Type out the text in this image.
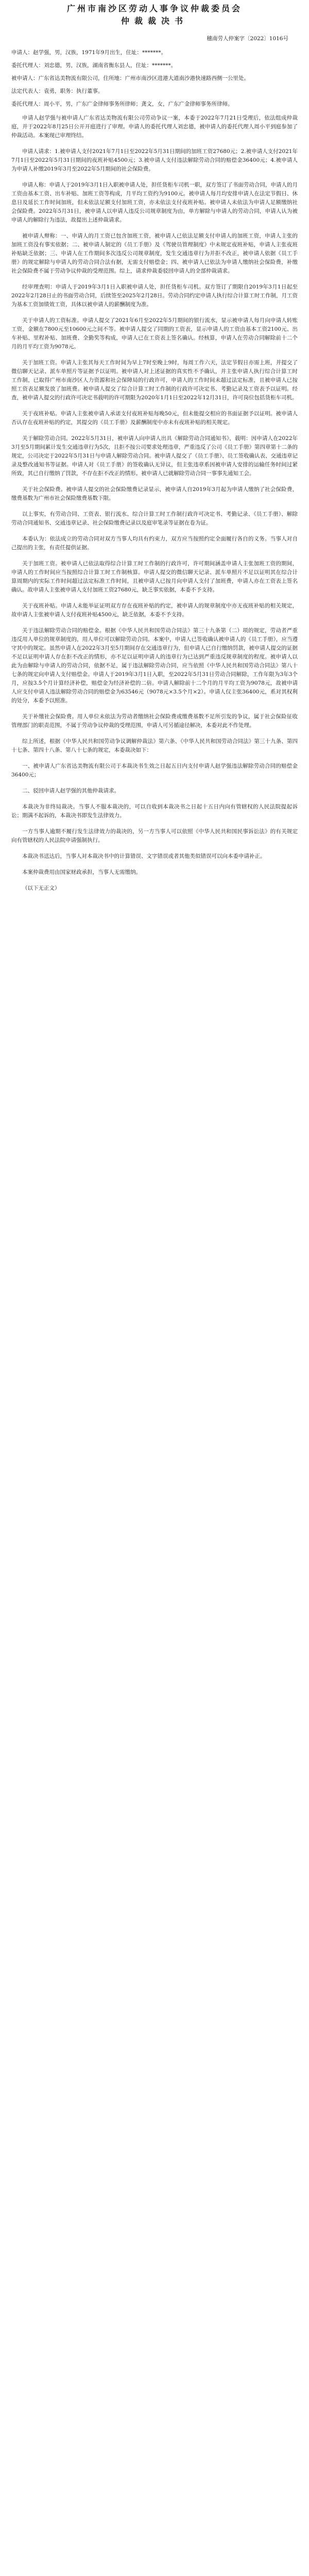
广州市南沙区劳动人事争议仲裁委员会
仲裁裁决书
穗南劳人仲案字〔2022〕1016号

申请人：赵学强，男，汉族，1971年9月出生，住址：*******。

委托代理人：刘忠德，男，汉族，湖南省衡东县人，住址：*******。

被申请人：广东省达美物流有限公司，住所地：广州市南沙区进港大道南沙港快速路西侧一公里处。

法定代表人：袁勇，职务：执行董事。

委托代理人：周小平，男，广东广金律师事务所律师；龚文，女，广东广金律师事务所律师。

申请人赵学强与被申请人广东省达美物流有限公司劳动争议一案，本委于2022年7月21日受理后，依法组成仲裁庭，并于2022年8月25日公开开庭进行了审理。申请人的委托代理人刘忠德，被申请人的委托代理人周小平到庭参加了仲裁活动。本案现已审理终结。

申请人请求：1.被申请人支付2021年7月1日至2022年5月31日期间的加班工资27680元；2.被申请人支付2021年7月1日至2022年5月31日期间的夜班补贴4500元；3.被申请人支付违法解除劳动合同的赔偿金36400元；4.被申请人为申请人补缴2019年3月至2022年5月期间的社会保险费。

申请人称：申请人于2019年3月1日入职被申请人处，担任货柜车司机一职，双方签订了书面劳动合同，申请人的月工资由基本工资、出车补贴、加班工资等构成，月平均工资约为9100元。被申请人每月均安排申请人在法定节假日、休息日及延长工作时间加班，但未依法足额支付加班工资，亦未依法支付夜班补贴。被申请人未依法为申请人足额缴纳社会保险费。2022年5月31日，被申请人以申请人违反公司规章制度为由，单方解除与申请人的劳动合同，申请人认为被申请人的解除行为违法，故提出上述仲裁请求。

被申请人辩称：一、申请人的月工资已包含加班工资，被申请人已依法足额支付申请人的加班工资，申请人主张的加班工资没有事实依据；二、被申请人制定的《员工手册》及《驾驶员管理制度》中未规定夜班补贴，申请人主张夜班补贴缺乏依据；三、申请人在工作期间多次违反公司规章制度，发生交通违章行为并拒不改正，被申请人依据《员工手册》的规定解除与申请人的劳动合同合法有据，无需支付赔偿金；四、被申请人已依法为申请人缴纳社会保险费，补缴社会保险费不属于劳动争议仲裁的受理范围。综上，请求仲裁委驳回申请人的全部仲裁请求。

经审理查明：申请人于2019年3月1日入职被申请人处，担任货柜车司机。双方签订了期限自2019年3月1日起至2022年2月28日止的书面劳动合同，后续签至2025年2月28日。劳动合同约定申请人执行综合计算工时工作制，月工资为基本工资加绩效工资，具体以被申请人的薪酬制度为准。

关于申请人的工资标准。申请人提交了2021年6月至2022年5月期间的银行流水，显示被申请人每月向申请人转账工资，金额在7800元至10600元之间不等。被申请人提交了同期的工资表，显示申请人的工资由基本工资2100元、出车补贴、里程补贴、加班费、全勤奖等构成，申请人已在工资表上签名确认。经核算，申请人在劳动合同解除前十二个月的月平均工资为9078元。

关于加班工资。申请人主张其每天工作时间为早上7时至晚上9时，每周工作六天，法定节假日亦需上班，并提交了微信聊天记录、派车单照片等证据予以证明。被申请人对上述证据的真实性不予确认，并主张申请人执行综合计算工时工作制，已取得广州市南沙区人力资源和社会保障局的行政许可，申请人的工作时间未超过法定标准，且被申请人已按照工资表足额发放了加班费。被申请人提交了综合计算工时工作制的行政许可决定书、考勤记录及工资表予以证明。经查，被申请人提交的行政许可决定书载明的许可期限为2020年1月1日至2022年12月31日，许可岗位包括货柜车司机。

关于夜班补贴。申请人主张被申请人承诺支付夜班补贴每晚50元，但未能提交相应的书面证据予以证明。被申请人否认存在夜班补贴的约定，其提交的《员工手册》及薪酬制度中亦未有夜班补贴的相关规定。

关于解除劳动合同。2022年5月31日，被申请人向申请人出具《解除劳动合同通知书》，载明：因申请人在2022年3月至5月期间累计发生交通违章行为5次，且拒不按公司要求处理违章，严重违反了公司《员工手册》第四章第十二条的规定，公司决定于2022年5月31日与申请人解除劳动合同。被申请人提交了《员工手册》、员工签收确认表、交通违章记录及整改通知书等证据。申请人对《员工手册》的签收确认无异议，但主张违章系因被申请人安排的运输任务时间过紧所致，其已自行缴纳了罚款，不存在拒不改正的情形。被申请人已就解除劳动合同一事事先通知工会。

关于社会保险费。被申请人提交的社会保险缴费记录显示，被申请人自2019年3月起为申请人缴纳了社会保险费，缴费基数为广州市社会保险缴费基数下限。

以上事实，有劳动合同、工资表、银行流水、综合计算工时工作制行政许可决定书、考勤记录、《员工手册》、解除劳动合同通知书、交通违章记录、社会保险缴费记录以及庭审笔录等证据在卷为证。

本委认为：依法成立的劳动合同对双方当事人均具有约束力，双方应当按照约定全面履行各自的义务。当事人对自己提出的主张，有责任提供证据。

关于加班工资。被申请人已依法取得综合计算工时工作制的行政许可，许可期间涵盖申请人主张加班工资的期间，申请人的工作时间应当按照综合计算工时工作制核算。申请人提交的微信聊天记录、派车单照片不足以证明其在综合计算周期内的实际工作时间超过法定标准工作时间，且被申请人已按月向申请人支付了加班费，申请人亦在工资表上签名确认。故申请人主张被申请人支付加班工资27680元，缺乏事实依据，本委不予支持。

关于夜班补贴。申请人未能举证证明双方存在夜班补贴的约定，被申请人的规章制度中亦无夜班补贴的相关规定，故申请人主张被申请人支付夜班补贴4500元，缺乏依据，本委不予支持。

关于违法解除劳动合同的赔偿金。根据《中华人民共和国劳动合同法》第三十九条第（二）项的规定，劳动者严重违反用人单位的规章制度的，用人单位可以解除劳动合同。本案中，申请人已签收确认被申请人的《员工手册》，应当遵守其中的规定。虽然申请人在2022年3月至5月期间存在交通违章行为，但申请人已自行缴纳罚款，被申请人提交的证据不足以证明申请人存在拒不改正的情形，亦不足以证明申请人的违章行为已达到严重违反规章制度的程度。被申请人以此为由解除与申请人的劳动合同，依据不足，属于违法解除劳动合同，应当依照《中华人民共和国劳动合同法》第八十七条的规定向申请人支付赔偿金。申请人于2019年3月1日入职，至2022年5月31日劳动合同解除，工作年限为3年3个月，应按3.5个月计算经济补偿，赔偿金为经济补偿的二倍。申请人解除前十二个月的月平均工资为9078元，故被申请人应支付申请人违法解除劳动合同的赔偿金为63546元（9078元×3.5个月×2）。申请人仅主张36400元，系对其权利的处分，本委予以照准。

关于补缴社会保险费。用人单位未依法为劳动者缴纳社会保险费或缴费基数不足所引发的争议，属于社会保险征收管理部门的职责范围，不属于劳动争议仲裁的受理范围，申请人可另循途径解决，本委对此不作处理。

综上所述，根据《中华人民共和国劳动争议调解仲裁法》第六条、《中华人民共和国劳动合同法》第三十九条、第四十七条、第四十八条、第八十七条的规定，本委裁决如下：

一、被申请人广东省达美物流有限公司于本裁决书生效之日起五日内支付申请人赵学强违法解除劳动合同的赔偿金36400元；

二、驳回申请人赵学强的其他仲裁请求。

本裁决为非终局裁决。当事人不服本裁决的，可以自收到本裁决书之日起十五日内向有管辖权的人民法院提起诉讼；期满不起诉的，本裁决书即发生法律效力。

一方当事人逾期不履行发生法律效力的裁决的，另一方当事人可以依照《中华人民共和国民事诉讼法》的有关规定向有管辖权的人民法院申请强制执行。

本裁决书送达后，当事人对本裁决书中的计算错误、文字错误或者其他类似错误可以向本委申请补正。

本案仲裁费用由国家财政承担，当事人无需缴纳。

（以下无正文）
